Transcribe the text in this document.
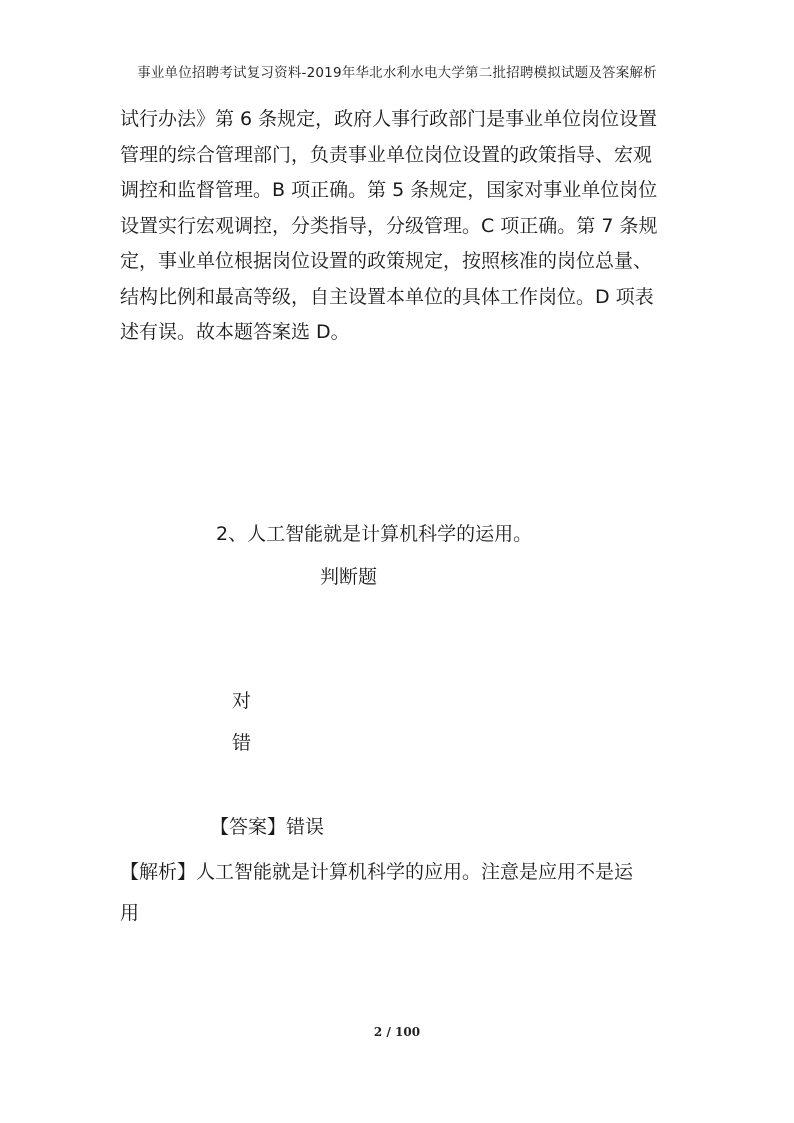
事业单位招聘考试复习资料-2019年华北水利水电大学第二批招聘模拟试题及答案解析

试行办法》第 6 条规定，政府人事行政部门是事业单位岗位设置

管理的综合管理部门，负责事业单位岗位设置的政策指导、宏观

调控和监督管理。B 项正确。第 5 条规定，国家对事业单位岗位

设置实行宏观调控，分类指导，分级管理。C 项正确。第 7 条规

定，事业单位根据岗位设置的政策规定，按照核准的岗位总量、

结构比例和最高等级，自主设置本单位的具体工作岗位。D 项表

述有误。故本题答案选 D。

2、人工智能就是计算机科学的运用。
判断题
对
错
【答案】错误

【解析】人工智能就是计算机科学的应用。注意是应用不是运

用

2 / 100
